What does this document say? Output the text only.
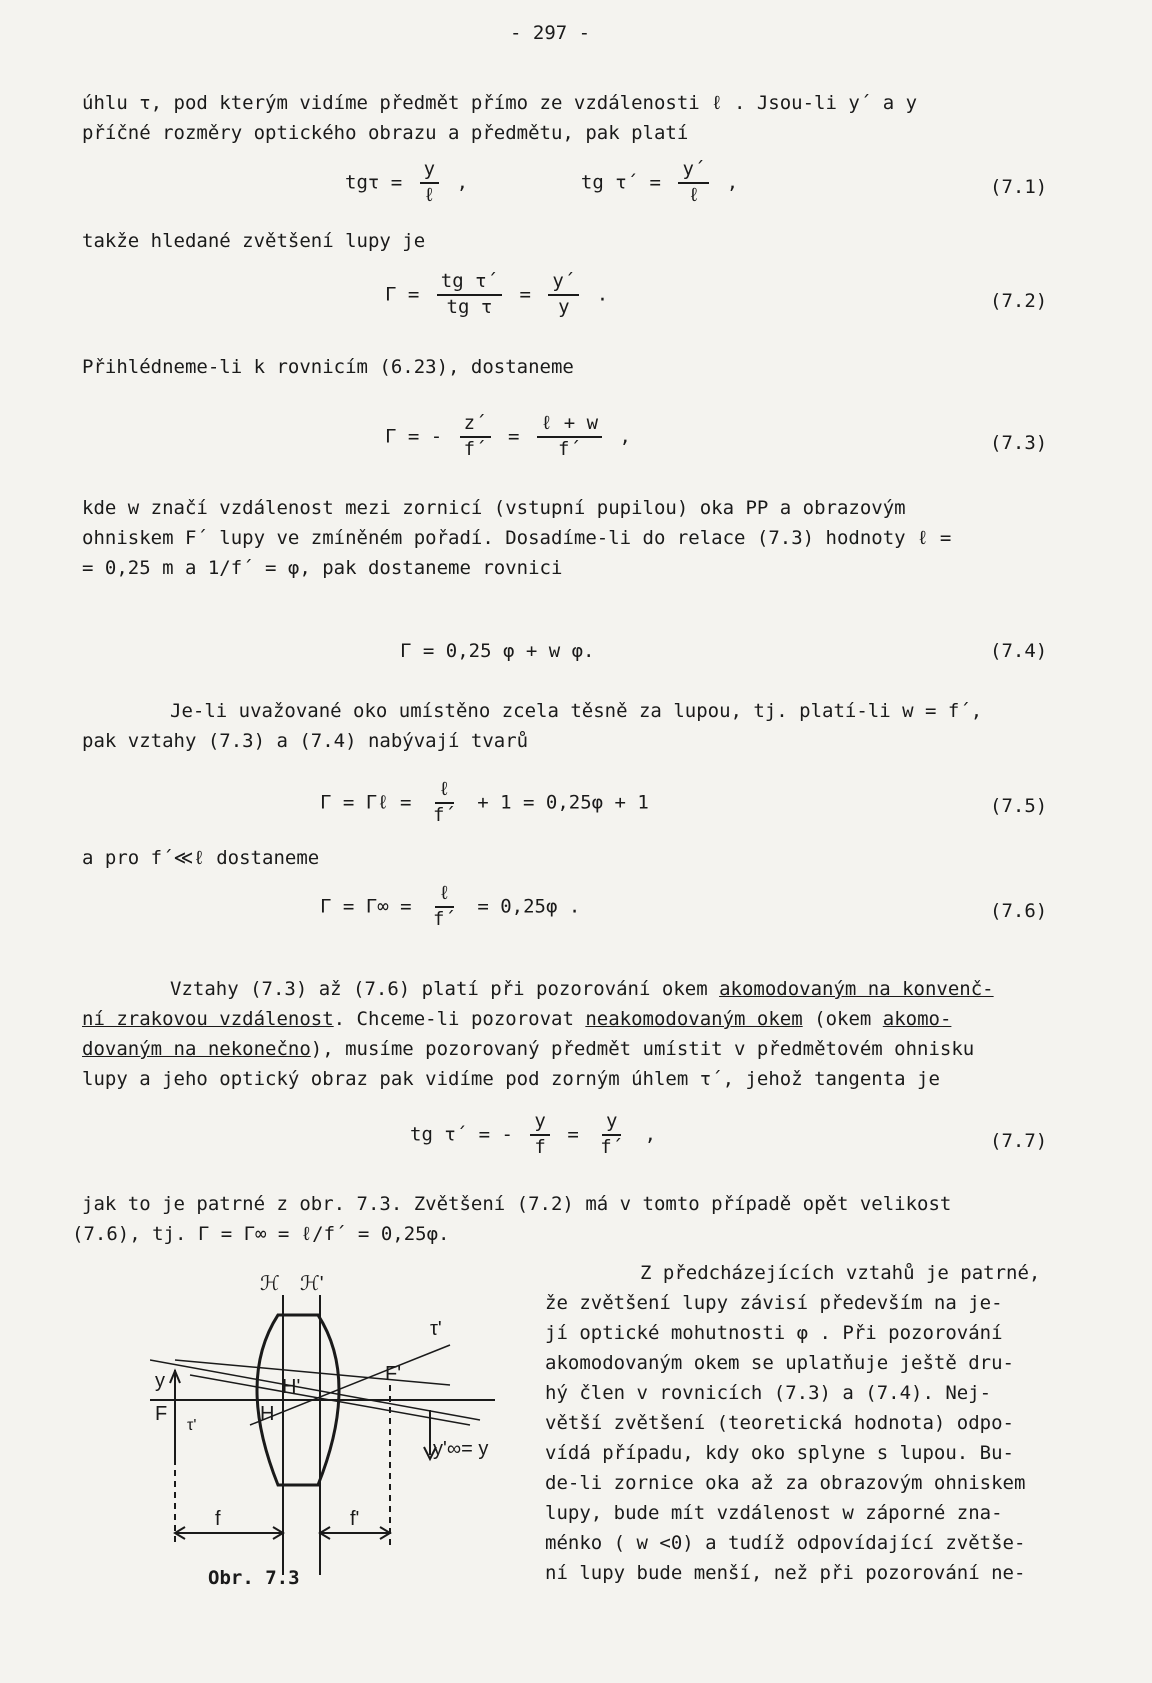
- 297 -
úhlu τ, pod kterým vidíme předmět přímo ze vzdálenosti ℓ . Jsou-li y´ a y
příčné rozměry optického obrazu a předmětu, pak platí
$tg\tau = \frac{y}{\text{ℓ}}$ ,	tg τ´ = $\frac{y´}{\text{ℓ}}$ ,	(7.1)
takže hledané zvětšení lupy je
$\Gamma = \frac{\text{tg τ´}}{\text{tg τ}} = \frac{y´}{y}$ .	(7.2)
Přihlédneme-li k rovnicím (6.23), dostaneme
Γ = - $\frac{z´}{f´} = \frac{\text{ℓ + w}}{f´}$ ,	(7.3)
kde w značí vzdálenost mezi zornicí (vstupní pupilou) oka PP a obrazovým
ohniskem F´ lupy ve zmíněném pořadí. Dosadíme-li do relace (7.3) hodnoty ℓ =
= 0,25 m a 1/f´ = φ, pak dostaneme rovnici
Γ = 0,25 φ + w φ.	(7.4)
Je-li uvažované oko umístěno zcela těsně za lupou, tj. platí-li w = f´,
pak vztahy (7.3) a (7.4) nabývají tvarů
Γ = Γℓ = $\frac{\text{ℓ}}{f´} + 1 = 0,25\varphi + 1$	(7.5)
a pro f´≪ℓ dostaneme
$\Gamma = \Gamma\infty = \frac{\text{ℓ}}{f´} = 0,25\varphi$ .	(7.6)
Vztahy (7.3) až (7.6) platí při pozorování okem akomodovaným na konvenč-
ní zrakovou vzdálenost. Chceme-li pozorovat neakomodovaným okem (okem akomo-
dovaným na nekonečno), musíme pozorovaný předmět umístit v předmětovém ohnisku
lupy a jeho optický obraz pak vidíme pod zorným úhlem τ´, jehož tangenta je
tg τ´ = - $\frac{y}{f} = \frac{y}{f´}$ ,	(7.7)
jak to je patrné z obr. 7.3. Zvětšení (7.2) má v tomto případě opět velikost
(7.6), tj. Γ = Γ∞ = ℓ/f´ = 0,25φ.
Z předcházejících vztahů je patrné,
že zvětšení lupy závisí především na je-
jí optické mohutnosti φ . Při pozorování
akomodovaným okem se uplatňuje ještě dru-
hý člen v rovnicích (7.3) a (7.4). Nej-
větší zvětšení (teoretická hodnota) odpo-
vídá případu, kdy oko splyne s lupou. Bu-
de-li zornice oka až za obrazovým ohniskem
lupy, bude mít vzdálenost w záporné zna-
ménko ( w <0) a tudíž odpovídající zvětše-
ní lupy bude menší, než při pozorování ne-
ℋ ℋ'
τ'
y
F
τ'
H
H'
F'
y'∞= y
f	f'
Obr. 7.3
